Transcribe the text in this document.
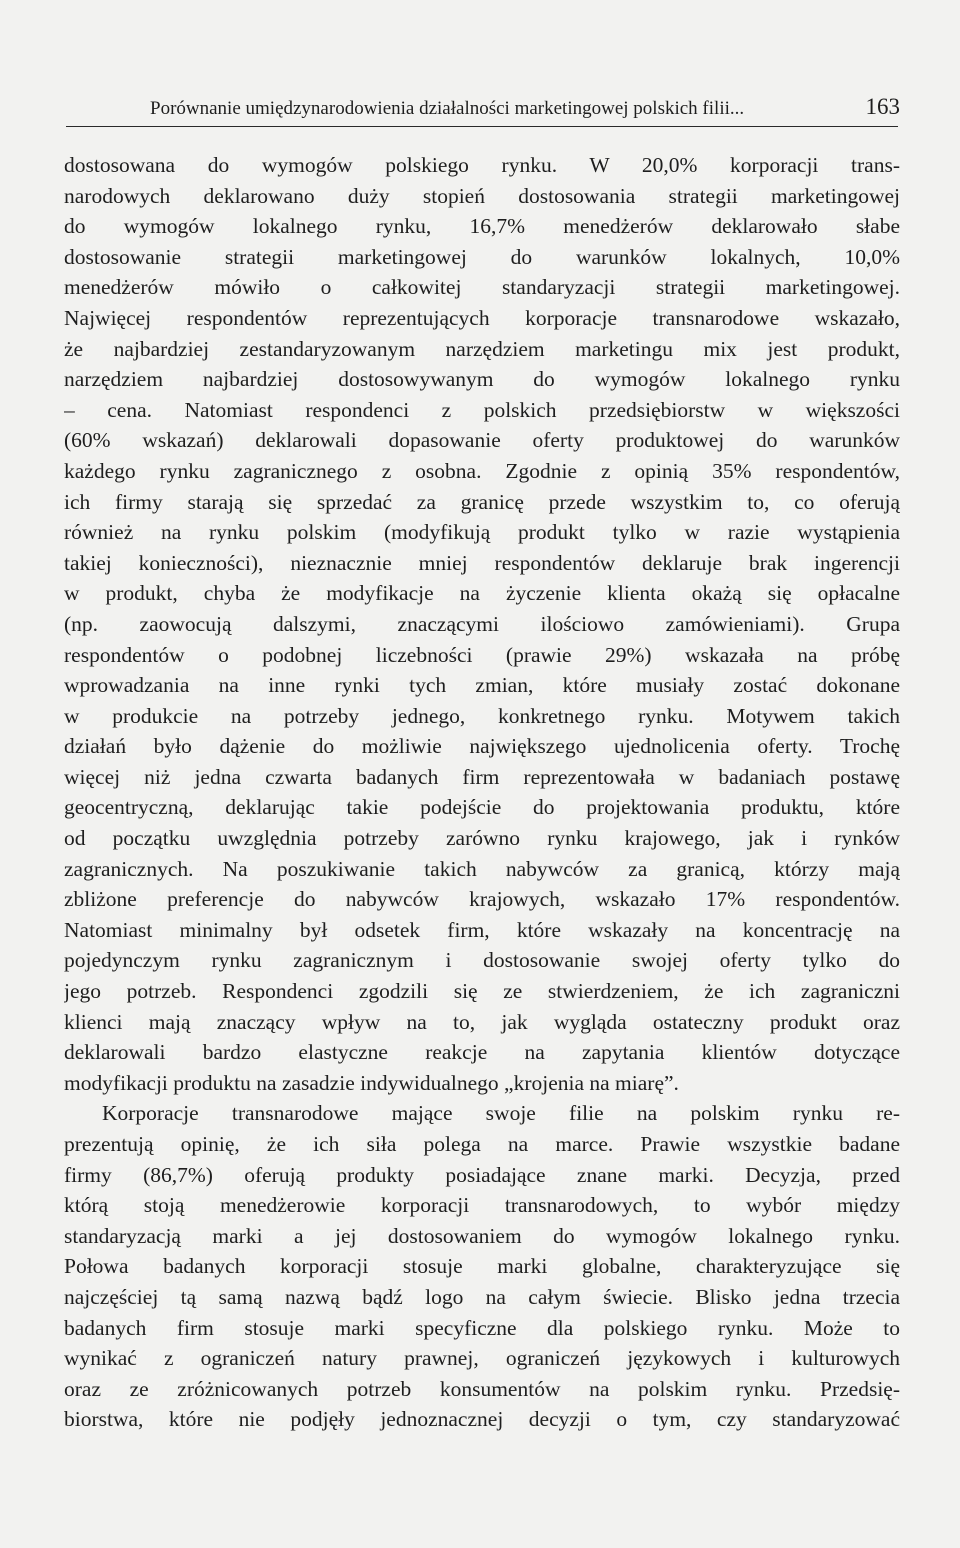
Porównanie umiędzynarodowienia działalności marketingowej polskich filii...	163
dostosowana do wymogów polskiego rynku. W 20,0% korporacji trans-
narodowych deklarowano duży stopień dostosowania strategii marketingowej
do wymogów lokalnego rynku, 16,7% menedżerów deklarowało słabe
dostosowanie strategii marketingowej do warunków lokalnych, 10,0%
menedżerów mówiło o całkowitej standaryzacji strategii marketingowej.
Najwięcej respondentów reprezentujących korporacje transnarodowe wskazało,
że najbardziej zestandaryzowanym narzędziem marketingu mix jest produkt,
narzędziem najbardziej dostosowywanym do wymogów lokalnego rynku
– cena. Natomiast respondenci z polskich przedsiębiorstw w większości
(60% wskazań) deklarowali dopasowanie oferty produktowej do warunków
każdego rynku zagranicznego z osobna. Zgodnie z opinią 35% respondentów,
ich firmy starają się sprzedać za granicę przede wszystkim to, co oferują
również na rynku polskim (modyfikują produkt tylko w razie wystąpienia
takiej konieczności), nieznacznie mniej respondentów deklaruje brak ingerencji
w produkt, chyba że modyfikacje na życzenie klienta okażą się opłacalne
(np. zaowocują dalszymi, znaczącymi ilościowo zamówieniami). Grupa
respondentów o podobnej liczebności (prawie 29%) wskazała na próbę
wprowadzania na inne rynki tych zmian, które musiały zostać dokonane
w produkcie na potrzeby jednego, konkretnego rynku. Motywem takich
działań było dążenie do możliwie największego ujednolicenia oferty. Trochę
więcej niż jedna czwarta badanych firm reprezentowała w badaniach postawę
geocentryczną, deklarując takie podejście do projektowania produktu, które
od początku uwzględnia potrzeby zarówno rynku krajowego, jak i rynków
zagranicznych. Na poszukiwanie takich nabywców za granicą, którzy mają
zbliżone preferencje do nabywców krajowych, wskazało 17% respondentów.
Natomiast minimalny był odsetek firm, które wskazały na koncentrację na
pojedynczym rynku zagranicznym i dostosowanie swojej oferty tylko do
jego potrzeb. Respondenci zgodzili się ze stwierdzeniem, że ich zagraniczni
klienci mają znaczący wpływ na to, jak wygląda ostateczny produkt oraz
deklarowali bardzo elastyczne reakcje na zapytania klientów dotyczące
modyfikacji produktu na zasadzie indywidualnego „krojenia na miarę”.
Korporacje transnarodowe mające swoje filie na polskim rynku re-
prezentują opinię, że ich siła polega na marce. Prawie wszystkie badane
firmy (86,7%) oferują produkty posiadające znane marki. Decyzja, przed
którą stoją menedżerowie korporacji transnarodowych, to wybór między
standaryzacją marki a jej dostosowaniem do wymogów lokalnego rynku.
Połowa badanych korporacji stosuje marki globalne, charakteryzujące się
najczęściej tą samą nazwą bądź logo na całym świecie. Blisko jedna trzecia
badanych firm stosuje marki specyficzne dla polskiego rynku. Może to
wynikać z ograniczeń natury prawnej, ograniczeń językowych i kulturowych
oraz ze zróżnicowanych potrzeb konsumentów na polskim rynku. Przedsię-
biorstwa, które nie podjęły jednoznacznej decyzji o tym, czy standaryzować
